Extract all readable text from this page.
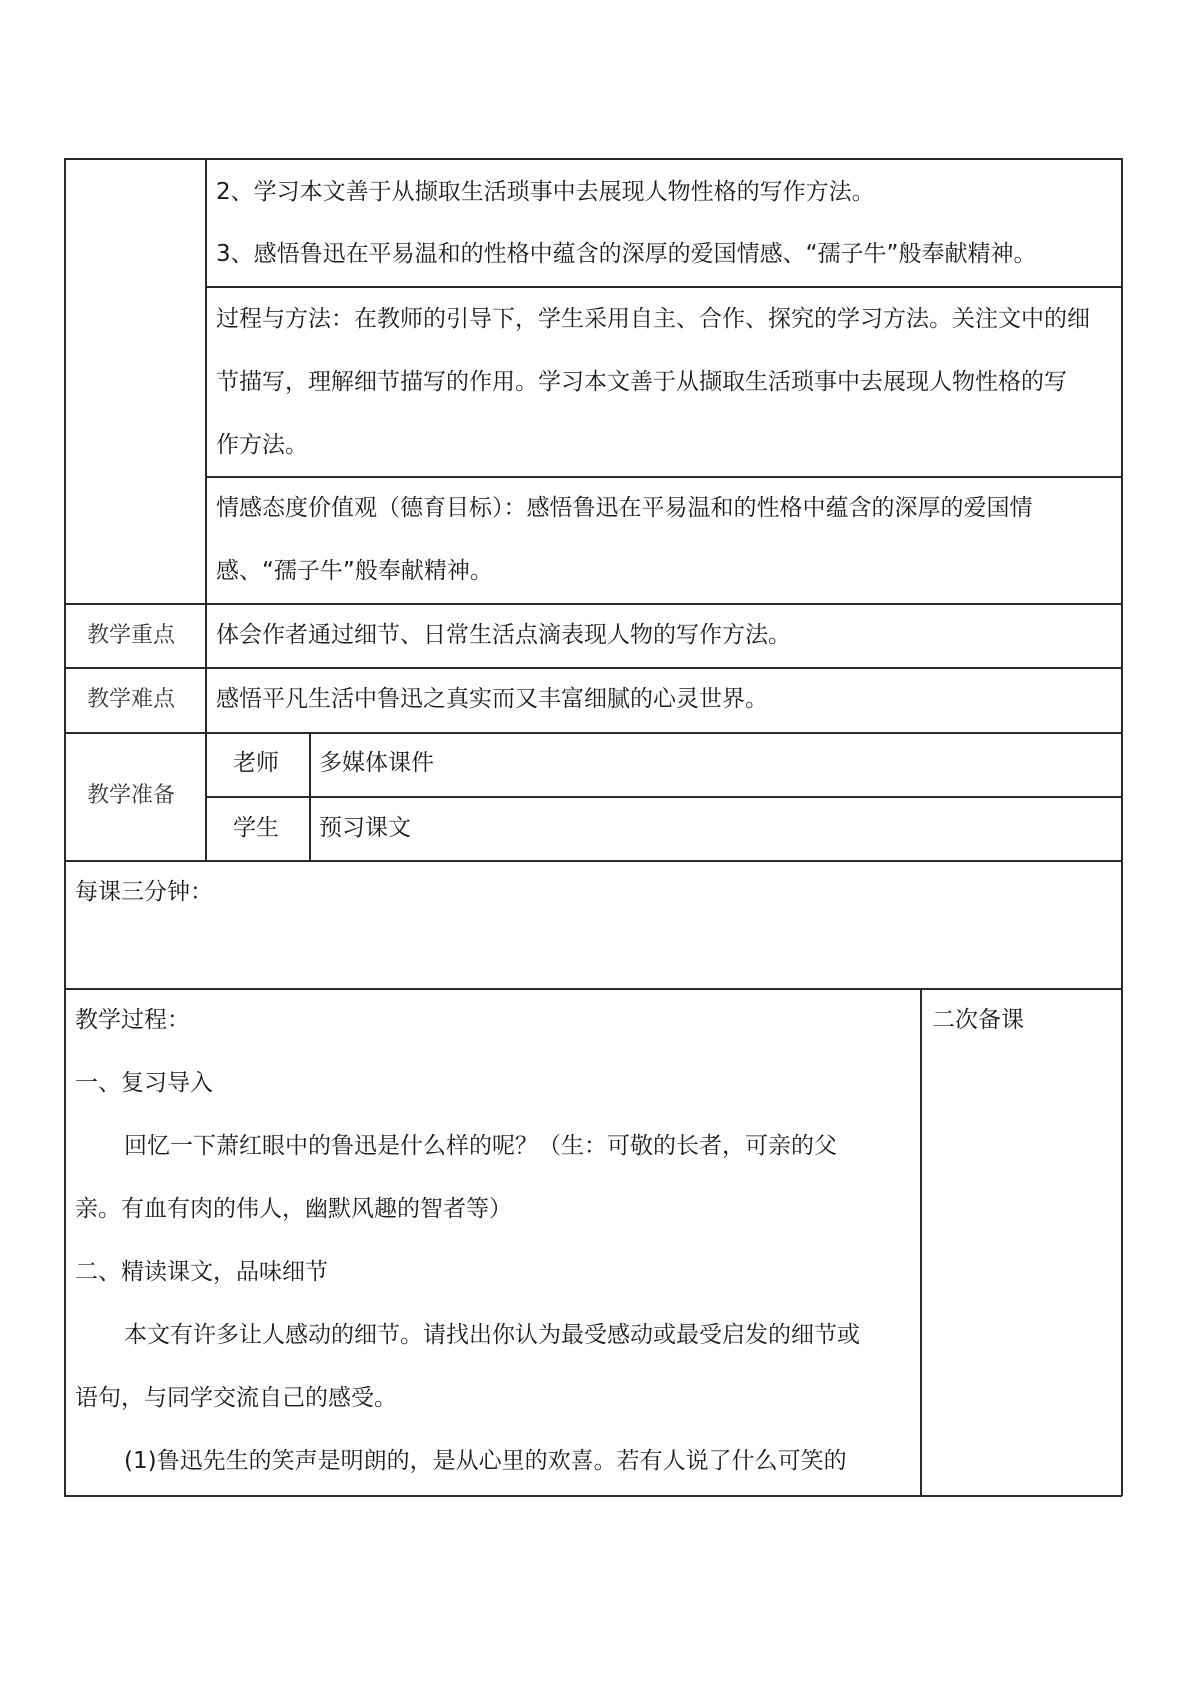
2、学习本文善于从撷取生活琐事中去展现人物性格的写作方法。
3、感悟鲁迅在平易温和的性格中蕴含的深厚的爱国情感、“孺子牛”般奉献精神。
过程与方法：在教师的引导下，学生采用自主、合作、探究的学习方法。关注文中的细
节描写，理解细节描写的作用。学习本文善于从撷取生活琐事中去展现人物性格的写
作方法。
情感态度价值观（德育目标）：感悟鲁迅在平易温和的性格中蕴含的深厚的爱国情
感、“孺子牛”般奉献精神。
教学重点 体会作者通过细节、日常生活点滴表现人物的写作方法。
教学难点 感悟平凡生活中鲁迅之真实而又丰富细腻的心灵世界。
教学准备
老师 多媒体课件
学生 预习课文
每课三分钟：
教学过程：	二次备课
一、复习导入
回忆一下萧红眼中的鲁迅是什么样的呢？（生：可敬的长者，可亲的父
亲。有血有肉的伟人，幽默风趣的智者等）
二、精读课文，品味细节
本文有许多让人感动的细节。请找出你认为最受感动或最受启发的细节或
语句，与同学交流自己的感受。
(1)鲁迅先生的笑声是明朗的，是从心里的欢喜。若有人说了什么可笑的
